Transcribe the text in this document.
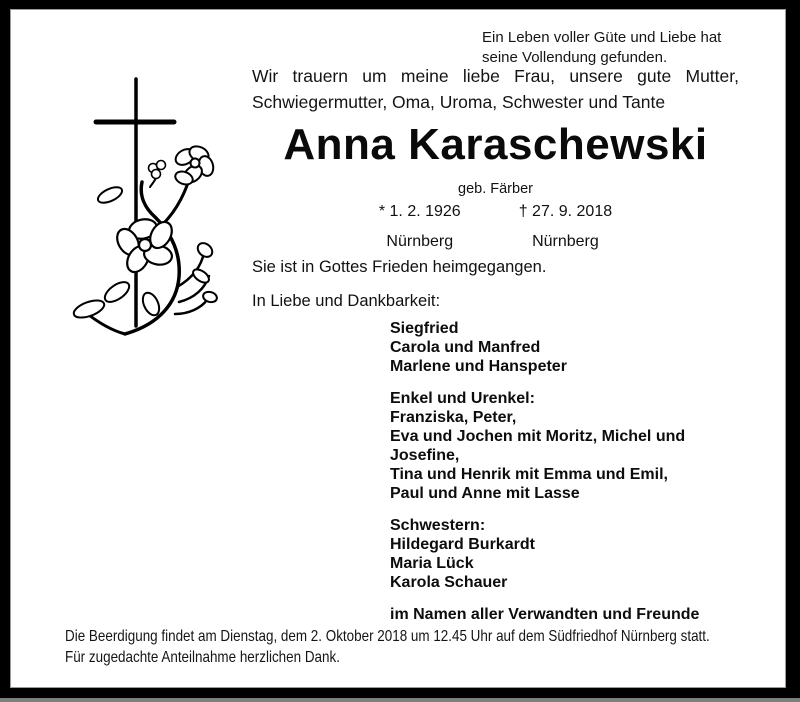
Ein Leben voller Güte und Liebe hat
seine Vollendung gefunden.
Wir trauern um meine liebe Frau, unsere gute Mutter, Schwiegermutter, Oma, Uroma, Schwester und Tante
Anna Karaschewski
geb. Färber
* 1. 2. 1926
Nürnberg
† 27. 9. 2018
Nürnberg
Sie ist in Gottes Frieden heimgegangen.
In Liebe und Dankbarkeit:
Siegfried
Carola und Manfred
Marlene und Hanspeter
Enkel und Urenkel:
Franziska, Peter,
Eva und Jochen mit Moritz, Michel und
Josefine,
Tina und Henrik mit Emma und Emil,
Paul und Anne mit Lasse
Schwestern:
Hildegard Burkardt
Maria Lück
Karola Schauer
im Namen aller Verwandten und Freunde
Die Beerdigung findet am Dienstag, dem 2. Oktober 2018 um 12.45 Uhr auf dem Südfriedhof Nürnberg statt.
Für zugedachte Anteilnahme herzlichen Dank.
